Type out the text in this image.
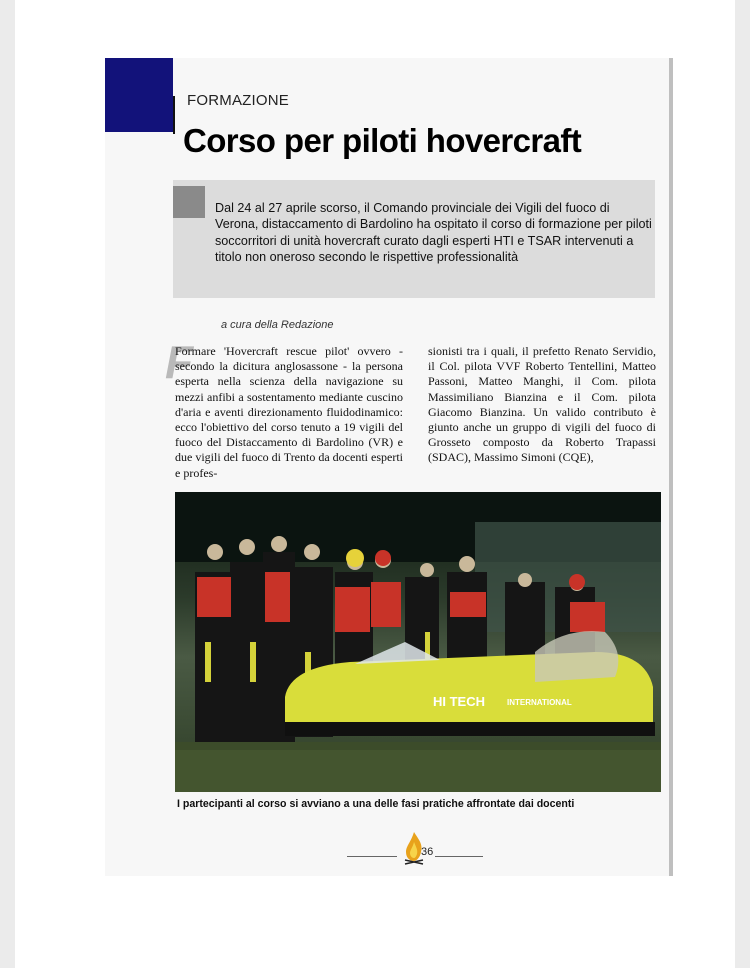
FORMAZIONE
Corso per piloti hovercraft
Dal 24 al 27 aprile scorso, il Comando provinciale dei Vigili del fuoco di Verona, distaccamento di Bardolino ha ospitato il corso di formazione per piloti soccorritori di unità hovercraft curato dagli esperti HTI e TSAR intervenuti a titolo non oneroso secondo le rispettive professionalità
a cura della Redazione
F
Formare 'Hovercraft rescue pilot' ovvero - secondo la dicitura anglosassone - la persona esperta nella scienza della navigazione su mezzi anfibi a sostentamento mediante cuscino d'aria e aventi direzionamento fluidodinamico: ecco l'obiettivo del corso tenuto a 19 vigili del fuoco del Distaccamento di Bardolino (VR) e due vigili del fuoco di Trento da docenti esperti e profes-
sionisti tra i quali, il prefetto Renato Servidio, il Col. pilota VVF Roberto Tentellini, Matteo Passoni, Matteo Manghi, il Com. pilota Massimiliano Bianzina e il Com. pilota Giacomo Bianzina. Un valido contributo è giunto anche un gruppo di vigili del fuoco di Grosseto composto da Roberto Trapassi (SDAC), Massimo Simoni (CQE),
HI TECH	INTERNATIONAL
I partecipanti al corso si avviano a una delle fasi pratiche affrontate dai docenti
36
